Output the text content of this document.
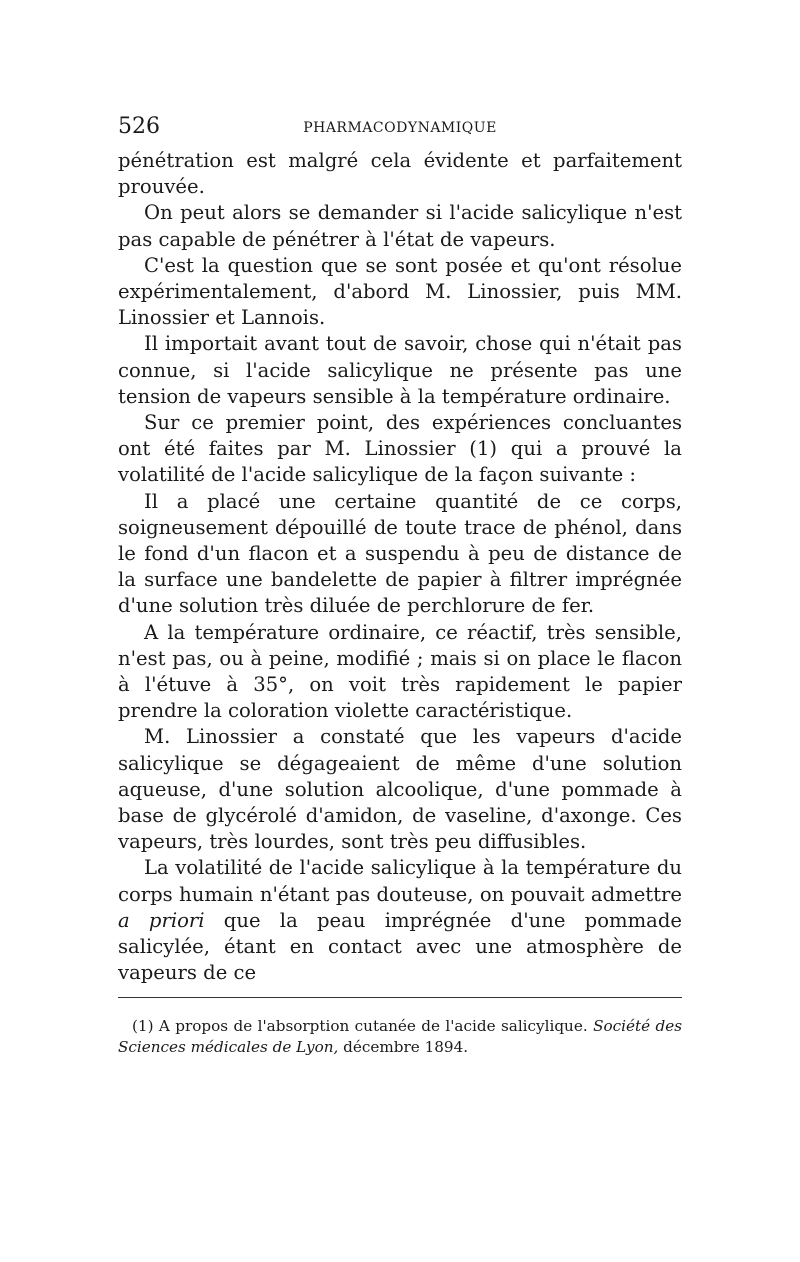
526	PHARMACODYNAMIQUE

pénétration est malgré cela évidente et parfaitement prouvée.

On peut alors se demander si l'acide salicylique n'est pas capable de pénétrer à l'état de vapeurs.

C'est la question que se sont posée et qu'ont résolue expérimentalement, d'abord M. Linossier, puis MM. Linossier et Lannois.

Il importait avant tout de savoir, chose qui n'était pas connue, si l'acide salicylique ne présente pas une tension de vapeurs sensible à la température ordinaire.

Sur ce premier point, des expériences concluantes ont été faites par M. Linossier (1) qui a prouvé la volatilité de l'acide salicylique de la façon suivante :

Il a placé une certaine quantité de ce corps, soigneusement dépouillé de toute trace de phénol, dans le fond d'un flacon et a suspendu à peu de distance de la surface une bandelette de papier à filtrer imprégnée d'une solution très diluée de perchlorure de fer.

A la température ordinaire, ce réactif, très sensible, n'est pas, ou à peine, modifié ; mais si on place le flacon à l'étuve à 35°, on voit très rapidement le papier prendre la coloration violette caractéristique.

M. Linossier a constaté que les vapeurs d'acide salicylique se dégageaient de même d'une solution aqueuse, d'une solution alcoolique, d'une pommade à base de glycérolé d'amidon, de vaseline, d'axonge. Ces vapeurs, très lourdes, sont très peu diffusibles.

La volatilité de l'acide salicylique à la température du corps humain n'étant pas douteuse, on pouvait admettre a priori que la peau imprégnée d'une pommade salicylée, étant en contact avec une atmosphère de vapeurs de ce

(1) A propos de l'absorption cutanée de l'acide salicylique. Société des Sciences médicales de Lyon, décembre 1894.
